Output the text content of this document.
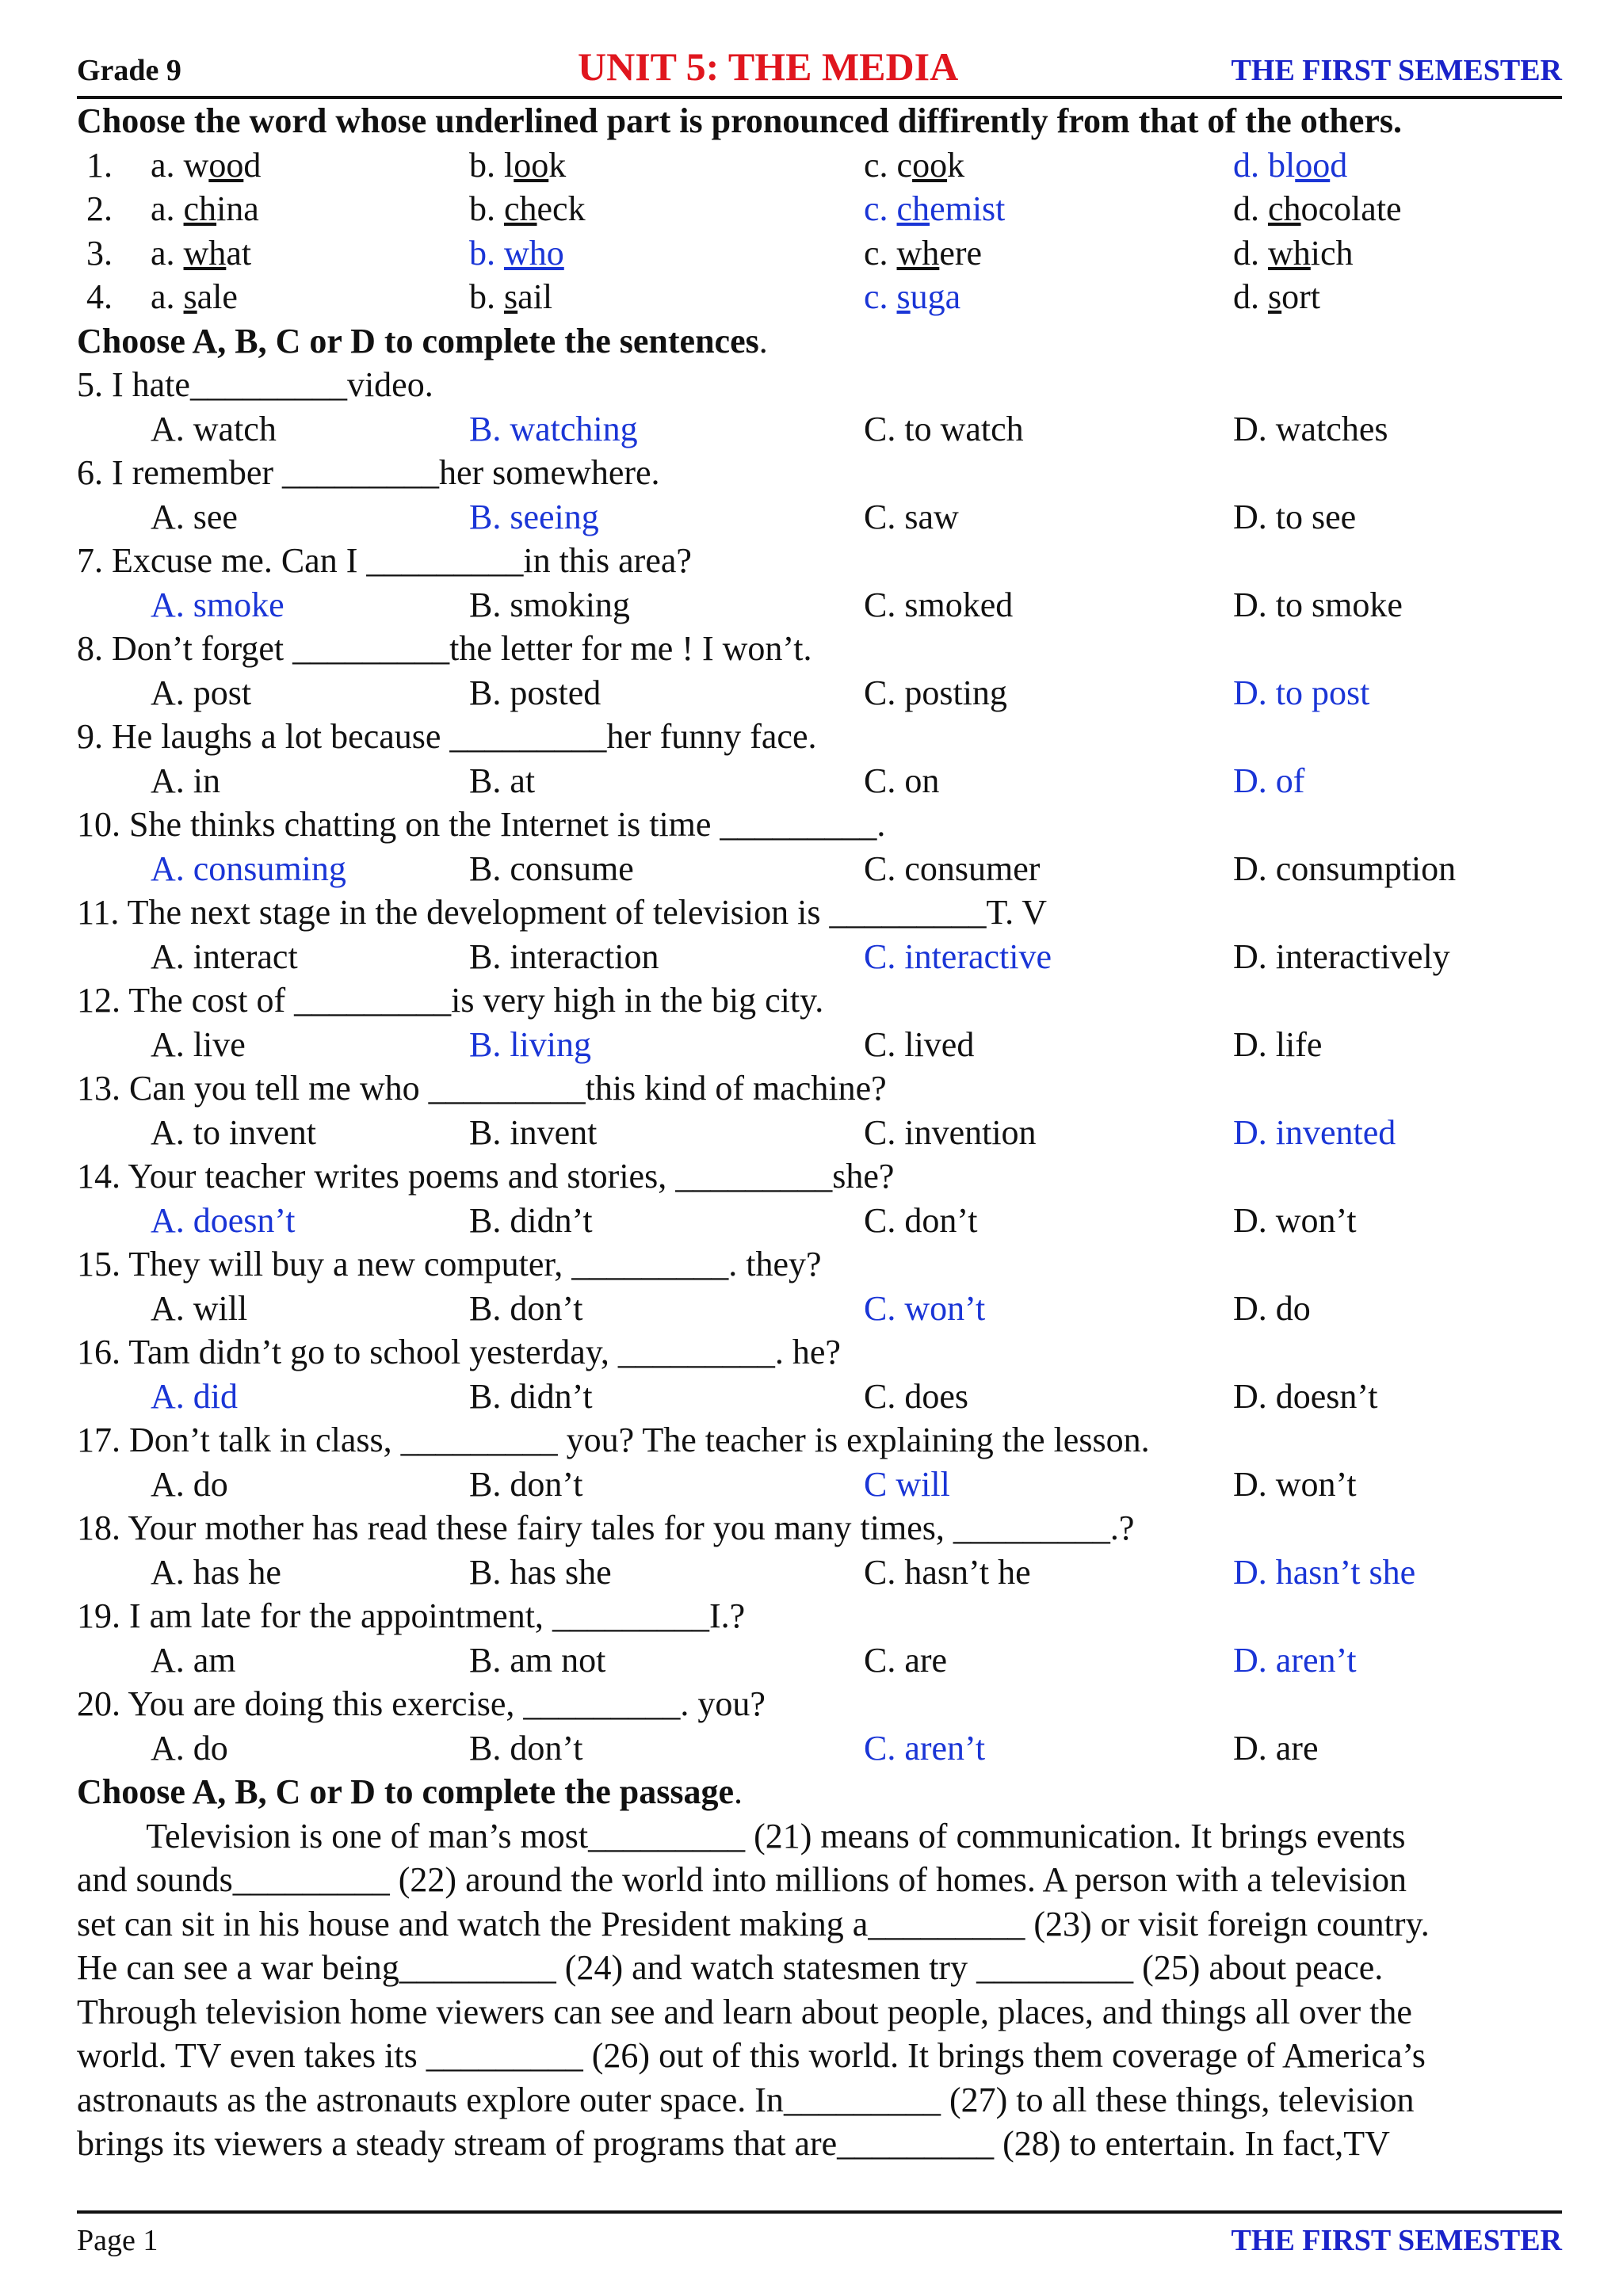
Grade 9	UNIT 5: THE MEDIA	THE FIRST SEMESTER
Choose the word whose underlined part is pronounced diffirently from that of the others.
1. a. wood	b. look	c. cook	d. blood
2. a. china	b. check	c. chemist	d. chocolate
3. a. what	b. who	c. where	d. which
4. a. sale	b. sail	c. suga	d. sort
Choose A, B, C or D to complete the sentences.
5. I hate_________video.
A. watch	B. watching	C. to watch	D. watches
6. I remember _________her somewhere.
A. see	B. seeing	C. saw	D. to see
7. Excuse me. Can I _________in this area?
A. smoke	B. smoking	C. smoked	D. to smoke
8. Don’t forget _________the letter for me ! I won’t.
A. post	B. posted	C. posting	D. to post
9. He laughs a lot because _________her funny face.
A. in	B. at	C. on	D. of
10. She thinks chatting on the Internet is time _________.
A. consuming	B. consume	C. consumer	D. consumption
11. The next stage in the development of television is _________T. V
A. interact	B. interaction	C. interactive	D. interactively
12. The cost of _________is very high in the big city.
A. live	B. living	C. lived	D. life
13. Can you tell me who _________this kind of machine?
A. to invent	B. invent	C. invention	D. invented
14. Your teacher writes poems and stories, _________she?
A. doesn’t	B. didn’t	C. don’t	D. won’t
15. They will buy a new computer, _________. they?
A. will	B. don’t	C. won’t	D. do
16. Tam didn’t go to school yesterday, _________. he?
A. did	B. didn’t	C. does	D. doesn’t
17. Don’t talk in class, _________ you? The teacher is explaining the lesson.
A. do	B. don’t	C will	D. won’t
18. Your mother has read these fairy tales for you many times, _________.?
A. has he	B. has she	C. hasn’t he	D. hasn’t she
19. I am late for the appointment, _________I.?
A. am	B. am not	C. are	D. aren’t
20. You are doing this exercise, _________. you?
A. do	B. don’t	C. aren’t	D. are
Choose A, B, C or D to complete the passage.
Television is one of man’s most_________ (21) means of communication. It brings events
and sounds_________ (22) around the world into millions of homes. A person with a television
set can sit in his house and watch the President making a_________ (23) or visit foreign country.
He can see a war being_________ (24) and watch statesmen try _________ (25) about peace.
Through television home viewers can see and learn about people, places, and things all over the
world. TV even takes its _________ (26) out of this world. It brings them coverage of America’s
astronauts as the astronauts explore outer space. In_________ (27) to all these things, television
brings its viewers a steady stream of programs that are_________ (28) to entertain. In fact,TV
Page 1	THE FIRST SEMESTER
